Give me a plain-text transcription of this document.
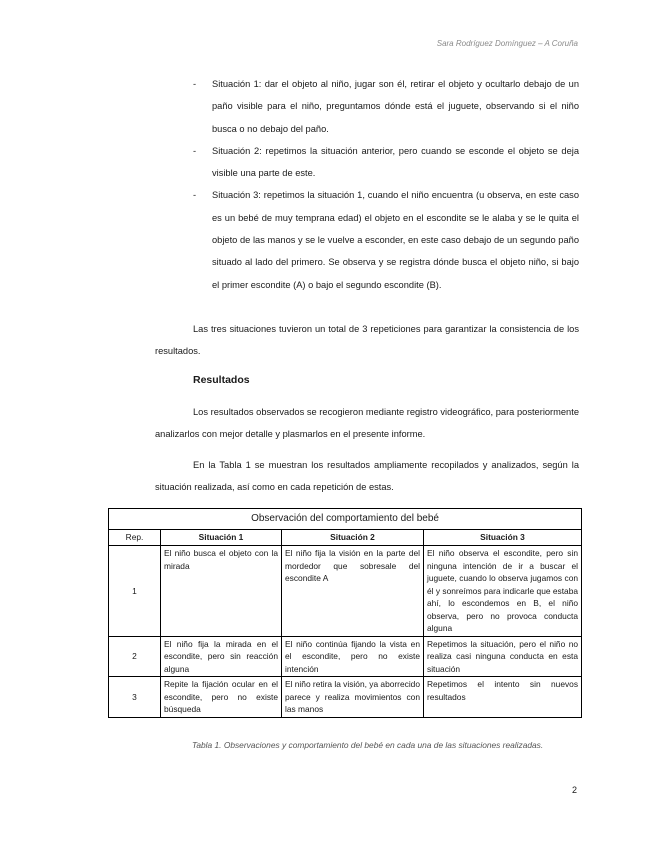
Sara Rodríguez Domínguez – A Coruña
- Situación 1: dar el objeto al niño, jugar son él, retirar el objeto y ocultarlo debajo de un paño visible para el niño, preguntamos dónde está el juguete, observando si el niño busca o no debajo del paño.
- Situación 2: repetimos la situación anterior, pero cuando se esconde el objeto se deja visible una parte de este.
- Situación 3: repetimos la situación 1, cuando el niño encuentra (u observa, en este caso es un bebé de muy temprana edad) el objeto en el escondite se le alaba y se le quita el objeto de las manos y se le vuelve a esconder, en este caso debajo de un segundo paño situado al lado del primero. Se observa y se registra dónde busca el objeto niño, si bajo el primer escondite (A) o bajo el segundo escondite (B).

Las tres situaciones tuvieron un total de 3 repeticiones para garantizar la consistencia de los resultados.

Resultados

Los resultados observados se recogieron mediante registro videográfico, para posteriormente analizarlos con mejor detalle y plasmarlos en el presente informe.

En la Tabla 1 se muestran los resultados ampliamente recopilados y analizados, según la situación realizada, así como en cada repetición de estas.

Observación del comportamiento del bebé			
Rep.	Situación 1	Situación 2	Situación 3
1	El niño busca el objeto con la mirada	El niño fija la visión en la parte del mordedor que sobresale del escondite A	El niño observa el escondite, pero sin ninguna intención de ir a buscar el juguete, cuando lo observa jugamos con él y sonreímos para indicarle que estaba ahí, lo escondemos en B, el niño observa, pero no provoca conducta alguna
2	El niño fija la mirada en el escondite, pero sin reacción alguna	El niño continúa fijando la vista en el escondite, pero no existe intención	Repetimos la situación, pero el niño no realiza casi ninguna conducta en esta situación
3	Repite la fijación ocular en el escondite, pero no existe búsqueda	El niño retira la visión, ya aborrecido parece y realiza movimientos con las manos	Repetimos el intento sin nuevos resultados

Tabla 1. Observaciones y comportamiento del bebé en cada una de las situaciones realizadas.

2
